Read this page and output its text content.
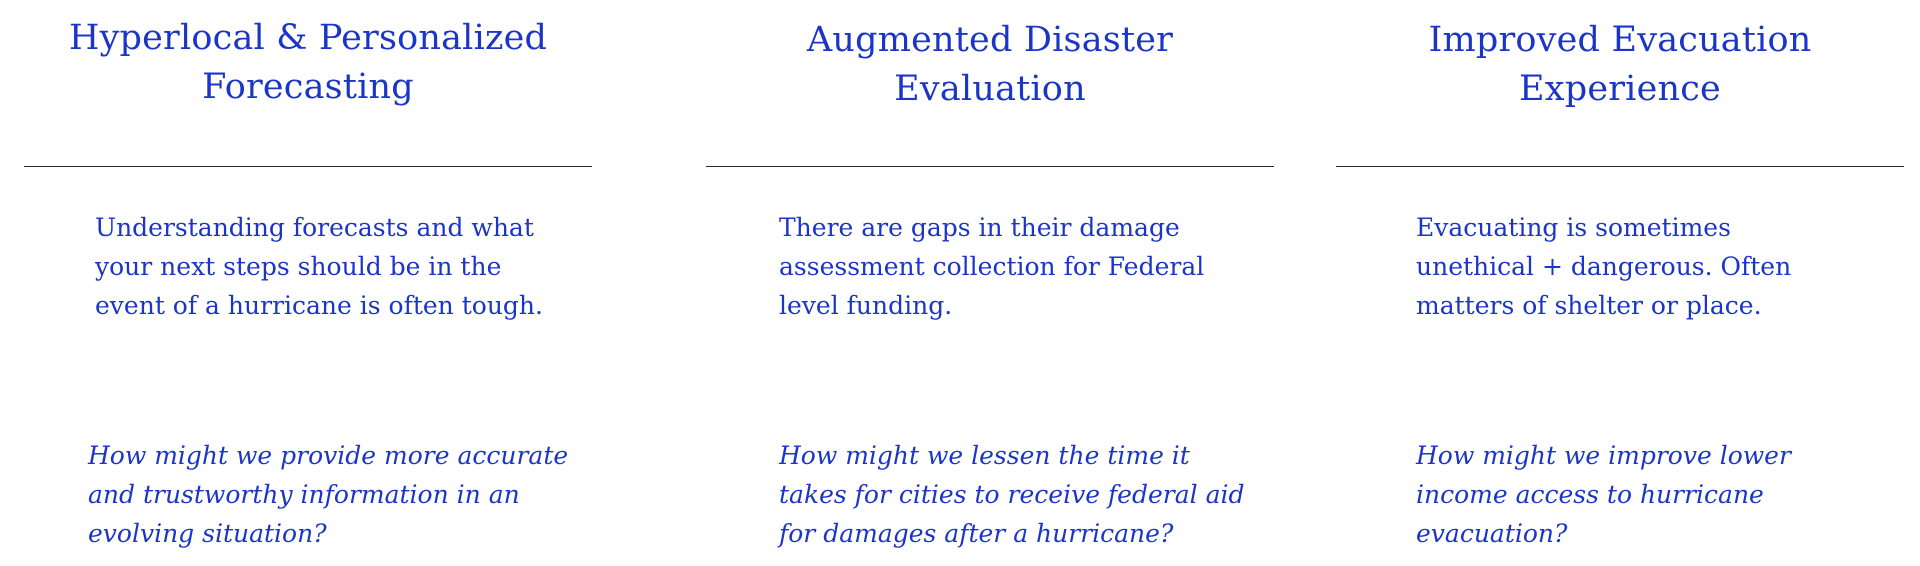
Hyperlocal & Personalized
Forecasting

Understanding forecasts and what your next steps should be in the event of a hurricane is often tough.

How might we provide more accurate and trustworthy information in an evolving situation?

Augmented Disaster
Evaluation

There are gaps in their damage assessment collection for Federal level funding.

How might we lessen the time it takes for cities to receive federal aid for damages after a hurricane?

Improved Evacuation
Experience

Evacuating is sometimes unethical + dangerous. Often matters of shelter or place.

How might we improve lower income access to hurricane evacuation?
